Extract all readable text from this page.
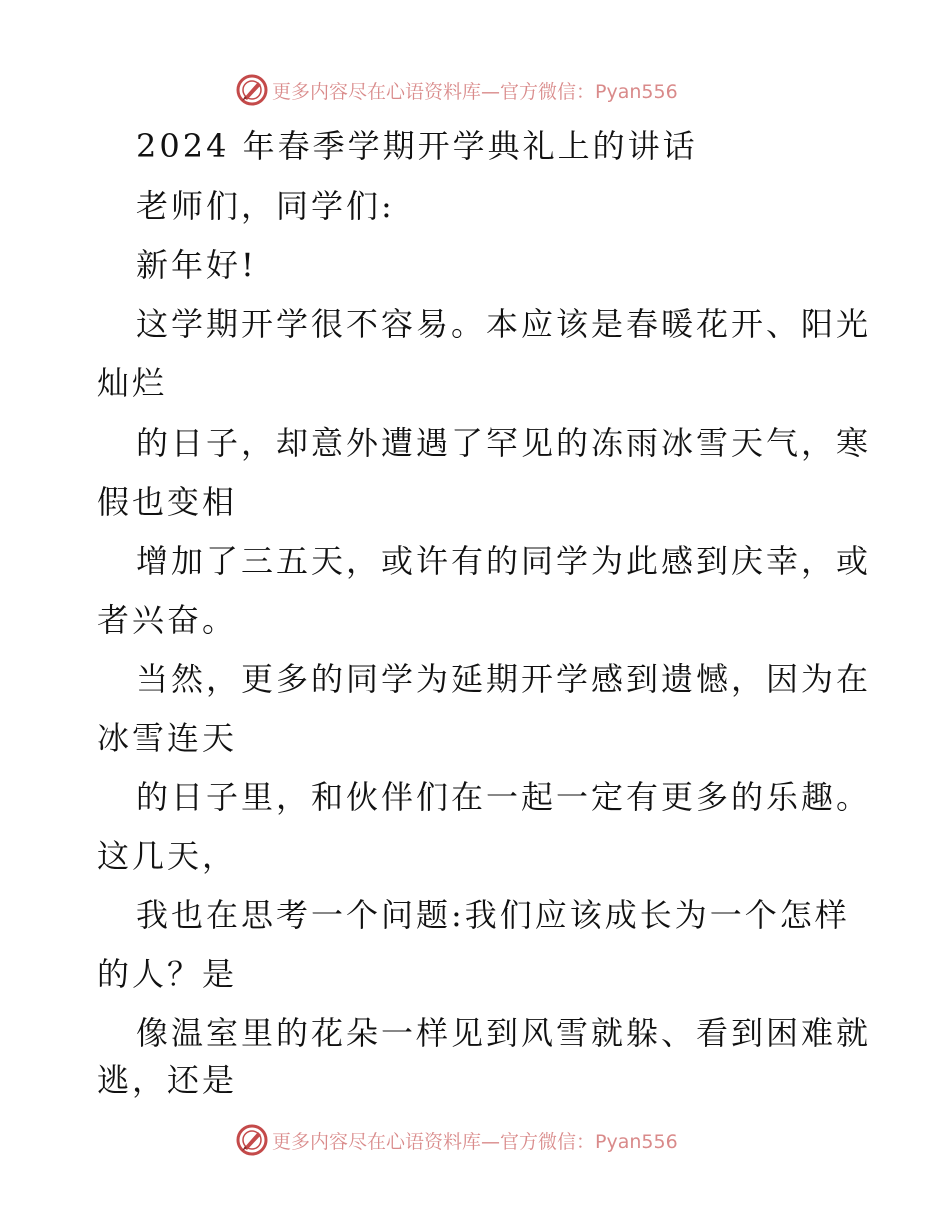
更多内容尽在心语资料库—官方微信：Pyan556
2024 年春季学期开学典礼上的讲话
老师们，同学们:
新年好!
这学期开学很不容易。本应该是春暖花开、阳光
灿烂
的日子，却意外遭遇了罕见的冻雨冰雪天气，寒
假也变相
增加了三五天，或许有的同学为此感到庆幸，或
者兴奋。
当然，更多的同学为延期开学感到遗憾，因为在
冰雪连天
的日子里，和伙伴们在一起一定有更多的乐趣。
这几天，
我也在思考一个问题:我们应该成长为一个怎样
的人？是
像温室里的花朵一样见到风雪就躲、看到困难就
逃，还是
更多内容尽在心语资料库—官方微信：Pyan556
